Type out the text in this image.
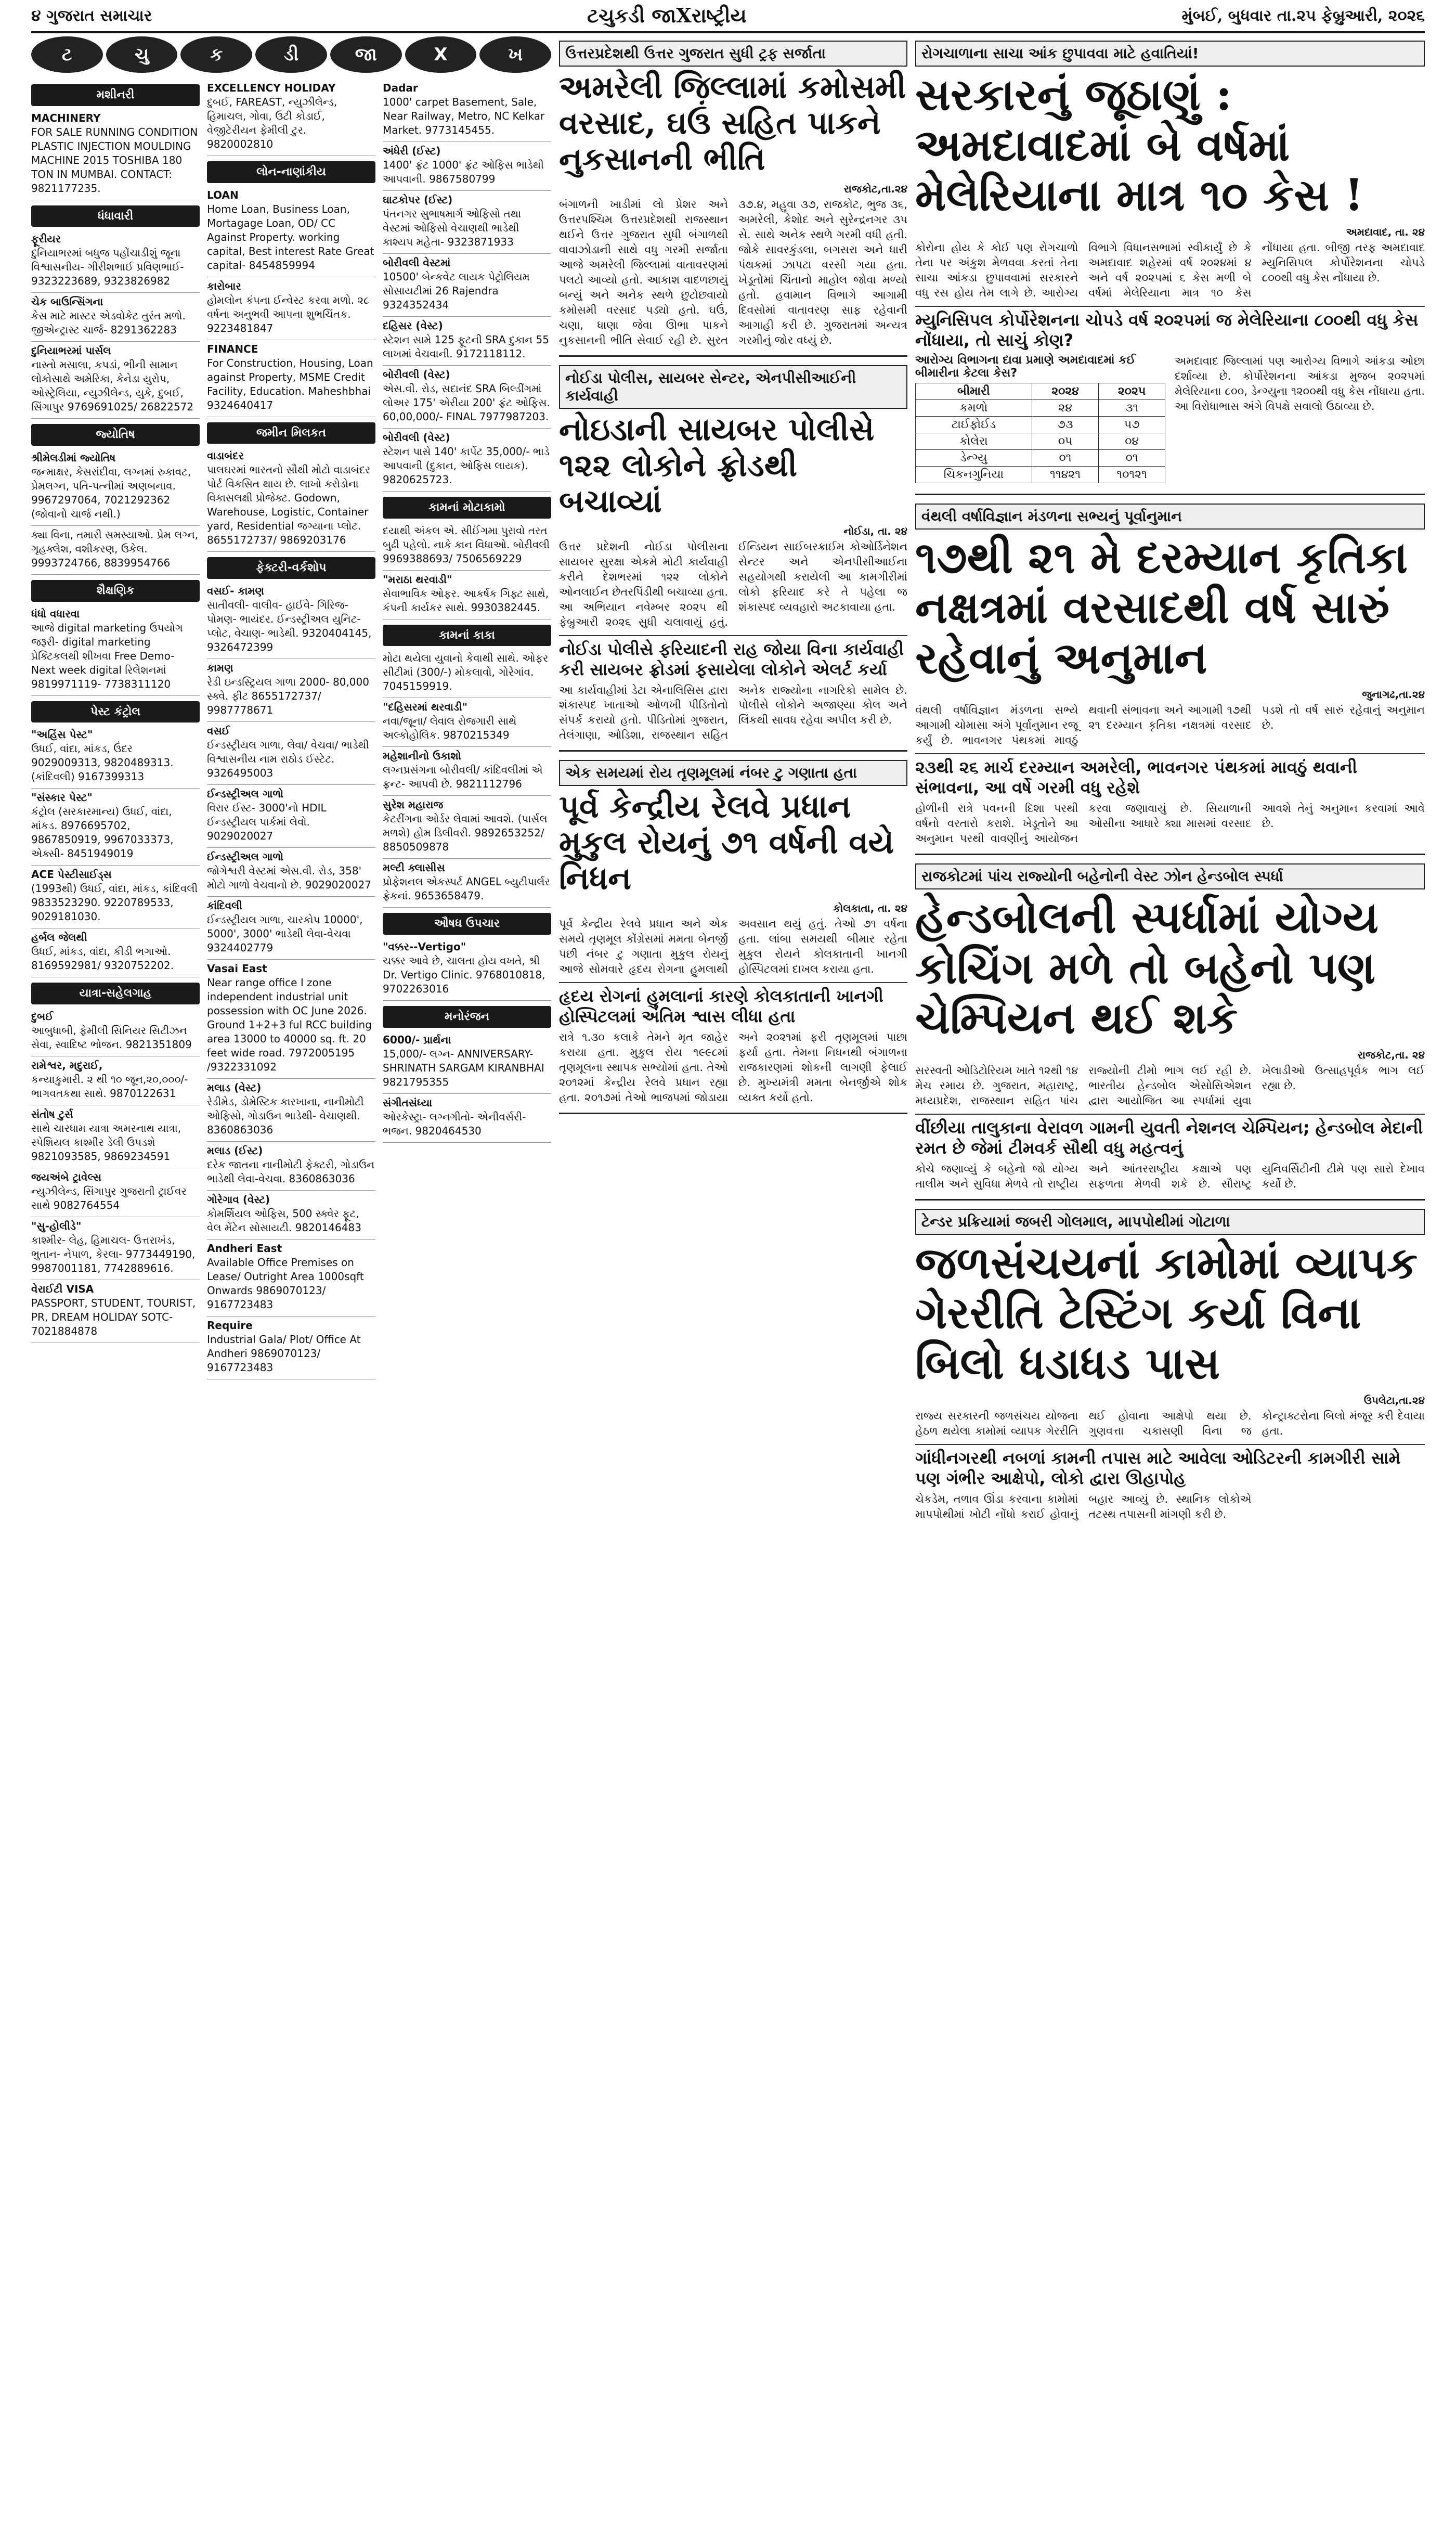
૪ ગુજરાત સમાચાર	ટચુકડી જાXરાષ્ટ્રીય	મુંબઈ, બુધવાર તા.૨૫ ફેબ્રુઆરી, ૨૦૨૬
ટ	ચુ	ક	ડી	જા	X	ખ
મશીનરી
MACHINERY
FOR SALE RUNNING CONDITION PLASTIC INJECTION MOULDING MACHINE 2015 TOSHIBA 180 TON IN MUMBAI. CONTACT: 9821177235.
ધંધાવારી
ફૂરીયર
દુનિયાભરમાં બધુજ પહોંચાડીશું જૂના વિશ્વાસનીય- ગીરીશભાઈ પ્રવિણભાઈ- 9323223689, 9323826982
ચેક બાઉન્સિંગના
કેસ માટે માસ્ટર એડવોકેટ તુરંત મળો. જીએન્ટ્રાસ્ટ ચાર્જ- 8291362283
દુનિયાભરમાં પાર્સલ
નાસ્તો મસાલા, કપડાં, ભીની સામાન લોકોસાથે અમેરિકા, કેનેડા યુરોપ, ઓસ્ટ્રેલિયા, ન્યુઝીલેન્ડ, યુકે, દુબઈ, સિંગાપુર 9769691025/ 26822572
જ્યોતિષ
શ્રીમેલડીમાં જ્યોતિષ
જન્માક્ષર, કેસરાંદીવા, લગ્નમાં રુકાવટ, પ્રેમલગ્ન, પતિ-પત્નીમાં અણબનાવ. 9967297064, 7021292362 (જોવાનો ચાર્જ નથી.)
ક્યા વિના, તમારી સમસ્યાઓ. પ્રેમ લગ્ન, ગૃહક્લેશ, વશીકરણ, ઉકેલ. 9993724766, 8839954766
શૈક્ષણિક
ધંધો વધારવા
આજે digital marketing ઉપયોગ જરૂરી- digital marketing પ્રેક્ટિકલથી શીખવા Free Demo- Next week digital રિલેશનમાં 9819971119- 7738311120
પેસ્ટ કંટ્રોલ
"અહિંસ પેસ્ટ"
ઉધઈ, વાંદા, માંકડ, ઉંદર 9029009313, 9820489313. (કાંદિવલી) 9167399313
"સંસ્કાર પેસ્ટ"
કંટ્રોલ (સરકારમાન્ય) ઉધઈ, વાંદા, માંકડ. 8976695702, 9867850919, 9967033373, એક્સી- 8451949019
ACE પેસ્ટીસાઈડ્સ
(1993થી) ઉધઈ, વાંદા, માંકડ, કાંદિવલી 9833523290. 9220789533, 9029181030.
હર્બલ જેલથી
ઉધઈ, માંકડ, વાંદા, કીડી ભગાઓ. 8169592981/ 9320752202.
યાત્રા-સહેલગાહ
દુબઈ
આબુધાબી, ફેમીલી સિનિયર સિટીઝન સેવા, સ્વાદિષ્ટ ભોજન. 9821351809
રામેશ્વર, મદુરાઈ,
કન્યાકુમારી. ૨ થી ૧૦ જૂન,૨૦,૦૦૦/- ભાગવતકથા સાથે. 9870122631
સંતોષ ટુર્સ
સાથે ચારધામ યાત્રા અમરનાથ યાત્રા, સ્પેશિયલ કાશ્મીર ડેલી ઉપડશે 9821093585, 9869234591
જયઅંબે ટ્રાવેલ્સ
ન્યુઝીલેન્ડ, સિંગાપુર ગુજરાતી ટ્રાઈવર સાથે 9082764554
"સુ-હોલીડે"
કાશ્મીર- લેહ, હિમાચલ- ઉત્તરાખંડ, ભુતાન- નેપાળ, કેરલા- 9773449190, 9987001181, 7742889616.
વેરાઈટી VISA
PASSPORT, STUDENT, TOURIST, PR, DREAM HOLIDAY SOTC- 7021884878
EXCELLENCY HOLIDAY
દુબઈ, FAREAST, ન્યુઝીલેન્ડ, હિમાચલ, ગોવા, ઉટી કોડાઈ, વેજીટેરીયન ફેમીલી ટુર. 9820002810
લોન-નાણાંકીય
LOAN
Home Loan, Business Loan, Mortagage Loan, OD/ CC Against Property. working capital, Best interest Rate Great capital- 8454859994
કારોબાર
હોમલોન કંપના ઈન્વેસ્ટ કરવા મળો. ૨૮ વર્ષના અનુભવી આપના શુભચિંતક. 9223481847
FINANCE
For Construction, Housing, Loan against Property, MSME Credit Facility, Education. Maheshbhai 9324640417
જમીન મિલકત
વાડાબંદર
પાલઘરમાં ભારતનો સૌથી મોટો વાડાબંદર પોર્ટ વિકસિત થાય છે. લાખો કરોડોના વિકાસલક્ષી પ્રોજેક્ટ. Godown, Warehouse, Logistic, Container yard, Residential જગ્યાના પ્લોટ. 8655172737/ 9869203176
ફેક્ટરી-વર્કશોપ
વસઈ- કામણ
સાતીવલી- વાલીવ- હાઈવે- ગિરિજ- પોમણ- ભાયંદર. ઈન્ડસ્ટ્રીઅલ યુનિટ- પ્લોટ, વેચાણ- ભાડેથી. 9320404145, 9326472399
કામણ
રેડી ઇન્ડસ્ટ્રિયલ ગાળા 2000- 80,000 સ્ક્વે. ફીટ 8655172737/ 9987778671
વસઈ
ઈન્ડસ્ટ્રીયલ ગાળા, લેવા/ વેચવા/ ભાડેથી વિશ્વાસનીય નામ રાઠોડ ઈસ્ટેટ. 9326495003
ઈન્ડસ્ટ્રીઅલ ગાળો
વિરાર ઈસ્ટ- 3000'નો HDIL ઈન્ડસ્ટ્રીયલ પાર્કમાં લેવો. 9029020027
ઈન્ડસ્ટ્રીઅલ ગાળો
જોગેશ્વરી વેસ્ટમાં એસ.વી. રોડ, 358' મોટો ગાળો વેચવાનો છે. 9029020027
કાંદિવલી
ઈન્ડસ્ટ્રીયલ ગાળા, ચારકોપ 10000', 5000', 3000' ભાડેથી લેવા-વેચવા 9324402779
Vasai East
Near range office I zone independent industrial unit possession with OC June 2026. Ground 1+2+3 ful RCC building area 13000 to 40000 sq. ft. 20 feet wide road. 7972005195 /9322331092
મલાડ (વેસ્ટ)
રેડીમેડ, ડોમેસ્ટિક કારખાના, નાનીમોટી ઓફિસો, ગોડાઉન ભાડેથી- વેચાણથી. 8360863036
મલાડ (ઈસ્ટ)
દરેક જાતના નાનીમોટી ફેક્ટરી, ગોડાઉન ભાડેથી લેવા-વેચવા. 8360863036
ગોરેગાવ (વેસ્ટ)
કોમર્શિયલ ઓફિસ, 500 સ્ક્વેર ફૂટ, વેલ મેંટેન સોસાયટી. 9820146483
Andheri East
Available Office Premises on Lease/ Outright Area 1000sqft Onwards 9869070123/ 9167723483
Require
Industrial Gala/ Plot/ Office At Andheri 9869070123/ 9167723483
Dadar
1000' carpet Basement, Sale, Near Railway, Metro, NC Kelkar Market. 9773145455.
અંધેરી (ઈસ્ટ)
1400' ફ્રંટ 1000' ફ્રંટ ઓફિસ ભાડેથી આપવાની. 9867580799
ઘાટકોપર (ઈસ્ટ)
પંતનગર સુભાષમાર્ગ ઓફિસો તથા વેસ્ટમાં ઓફિસો વેચાણથી ભાડેથી કાશ્યપ મહેતા- 9323871933
બોરીવલી વેસ્ટમાં
10500' બેન્કવેટ લાયક પેટ્રોલિયમ સોસાયટીમાં 26 Rajendra 9324352434
દહિસર (વેસ્ટ)
સ્ટેશન સામે 125 ફૂટની SRA દુકાન 55 લાખમાં વેચવાની. 9172118112.
બોરીવલી (વેસ્ટ)
એસ.વી. રોડ, સદાનંદ SRA બિલ્ડીંગમાં લોઅર 175' એરીયા 200' ફ્રંટ ઓફિસ. 60,00,000/- FINAL 7977987203.
બોરીવલી (વેસ્ટ)
સ્ટેશન પાસે 140' કાર્પેટ 35,000/- ભાડે આપવાની (દુકાન, ઓફિસ લાયક). 9820625723.
કામનાં મોટાકામો
દયાથી અંકલ એ. સીઈંગમા પુરાવો તરત બુઢી પહેલો. નાકે કાન વિધાઓ. બોરીવલી 9969388693/ 7506569229
"મરાઠા થરવાડી"
સેવાભાવિક ઓફર. આકર્ષક ગિફ્ટ સાથે, કંપની કાર્યકર સાથે. 9930382445.
કામનાં કાકા
મોટા થયેલા યુવાનો કેવાથી સાથે. ઓફર સીટીમાં (300/-) મોકલાવો, ગોરેગાંવ. 7045159919.
"દહિસરમાં થરવાડી"
નવા/જૂના/ લેવાલ રોજગારી સાથે અલ્કોહોલિક. 9870215349
મહેશાનીનો ઉકાશો
લગ્નપ્રસંગના બોરીવલી/ કાંદિવલીમાં એ ફ્રન્ટ- આપવી છે. 9821112796
સુરેશ મહારાજ
કેટરીંગના ઓર્ડર લેવામાં આવશે. (પાર્સલ મળશે) હોમ ડિલીવરી. 9892653252/ 8850509878
મલ્ટી ક્લાસીસ
પ્રોફેશનલ એકસ્પર્ટ ANGEL બ્યુટીપાર્લર ફ્રેકનાં. 9653658479.
ઔષધ ઉપચાર
"વક્કર--Vertigo"
ચક્કર આવે છે, ચાલતા હોય વખતે, શ્રી Dr. Vertigo Clinic. 9768010818, 9702263016
મનોરંજન
6000/- પ્રાર્થના
15,000/- લગ્ન- ANNIVERSARY- SHRINATH SARGAM KIRANBHAI 9821795355
સંગીતસંધ્યા
ઓરકેસ્ટ્રા- લગ્નગીતો- એનીવર્સરી- ભજન. 9820464530
ઉત્તરપ્રદેશથી ઉત્તર ગુજરાત સુધી ટ્રફ સર્જાતા
અમરેલી જિલ્લામાં કમોસમી વરસાદ, ઘઉં સહિત પાકને નુકસાનની ભીતિ
રાજકોટ,તા.૨૪
બંગાળની ખાડીમાં લો પ્રેશર અને ઉત્તરપશ્ચિમ ઉત્તરપ્રદેશથી રાજસ્થાન થઈને ઉત્તર ગુજરાત સુધી બંગાળથી વાવાઝોડાની સાથે વધુ ગરમી સર્જાતા આજે અમરેલી જિલ્લામાં વાતાવરણમાં પલટો આવ્યો હતો. આકાશ વાદળછાયું બન્યું અને અનેક સ્થળે છુટોછવાયો કમોસમી વરસાદ પડ્યો હતો. ઘઉં, ચણા, ધાણા જેવા ઊભા પાકને નુકસાનની ભીતિ સેવાઈ રહી છે. સુરત ૩૭.૪, મહુવા ૩૭, રાજકોટ, ભુજ ૩૬, અમરેલી, કેશોદ અને સુરેન્દ્રનગર ૩૫ સે. સાથે અનેક સ્થળે ગરમી વધી હતી. જોકે સાવરકુંડલા, બગસરા અને ધારી પંથકમાં ઝાપટા વરસી ગયા હતા. ખેડૂતોમાં ચિંતાનો માહોલ જોવા મળ્યો હતો. હવામાન વિભાગે આગામી દિવસોમાં વાતાવરણ સાફ રહેવાની આગાહી કરી છે. ગુજરાતમાં અન્યત્ર ગરમીનું જોર વધ્યું છે.
નોઈડા પોલીસ, સાયબર સેન્ટર, એનપીસીઆઈની કાર્યવાહી
નોઇડાની સાયબર પોલીસે ૧૨૨ લોકોને ફ્રોડથી બચાવ્યાં
નોઈડા, તા. ૨૪
ઉત્તર પ્રદેશની નોઈડા પોલીસના સાયબર સુરક્ષા એકમે મોટી કાર્યવાહી કરીને દેશભરમાં ૧૨૨ લોકોને ઓનલાઈન છેતરપિંડીથી બચાવ્યા હતા. આ અભિયાન નવેમ્બર ૨૦૨૫ થી ફેબ્રુઆરી ૨૦૨૬ સુધી ચલાવાયું હતું. ઈન્ડિયન સાઈબરક્રાઈમ કોઓર્ડિનેશન સેન્ટર અને એનપીસીઆઈના સહયોગથી કરાયેલી આ કામગીરીમાં લોકો ફરિયાદ કરે તે પહેલા જ શંકાસ્પદ વ્યવહારો અટકાવાયા હતા.
નોઈડા પોલીસે ફરિયાદની રાહ જોયા વિના કાર્યવાહી કરી સાયબર ફ્રોડમાં ફસાયેલા લોકોને એલર્ટ કર્યા
આ કાર્યવાહીમાં ડેટા એનાલિસિસ દ્વારા શંકાસ્પદ ખાતાઓ ઓળખી પીડિતોનો સંપર્ક કરાયો હતો. પીડિતોમાં ગુજરાત, તેલંગાણા, ઓડિશા, રાજસ્થાન સહિત અનેક રાજ્યોના નાગરિકો સામેલ છે. પોલીસે લોકોને અજાણ્યા કોલ અને લિંકથી સાવધ રહેવા અપીલ કરી છે.
એક સમયમાં રોય તૃણમૂલમાં નંબર ટુ ગણાતા હતા
પૂર્વ કેન્દ્રીય રેલવે પ્રધાન મુકુલ રોયનું ૭૧ વર્ષની વયે નિધન
કોલકાતા, તા. ૨૪
પૂર્વ કેન્દ્રીય રેલવે પ્રધાન અને એક સમયે તૃણમૂલ કોંગ્રેસમાં મમતા બેનર્જી પછી નંબર ટુ ગણાતા મુકુલ રોયનું આજે સોમવારે હૃદય રોગના હુમલાથી અવસાન થયું હતું. તેઓ ૭૧ વર્ષના હતા. લાંબા સમયથી બીમાર રહેતા મુકુલ રોયને કોલકાતાની ખાનગી હોસ્પિટલમાં દાખલ કરાયા હતા.
હૃદય રોગનાં હુમલાનાં કારણે કોલકાતાની ખાનગી હોસ્પિટલમાં અંતિમ શ્વાસ લીધા હતા
રાત્રે ૧.૩૦ કલાકે તેમને મૃત જાહેર કરાયા હતા. મુકુલ રોય ૧૯૯૮માં તૃણમૂલના સ્થાપક સભ્યોમાં હતા. તેઓ ૨૦૧૨માં કેન્દ્રીય રેલવે પ્રધાન રહ્યા હતા. ૨૦૧૭માં તેઓ ભાજપમાં જોડાયા અને ૨૦૨૧માં ફરી તૃણમૂલમાં પાછા ફર્યા હતા. તેમના નિધનથી બંગાળના રાજકારણમાં શોકની લાગણી ફેલાઈ છે. મુખ્યમંત્રી મમતા બેનર્જીએ શોક વ્યક્ત કર્યો હતો.
રોગચાળાના સાચા આંક છુપાવવા માટે હવાતિયાં!
સરકારનું જૂઠાણું : અમદાવાદમાં બે વર્ષમાં મેલેરિયાના માત્ર ૧૦ કેસ !
અમદાવાદ, તા. ૨૪
કોરોના હોય કે કોઈ પણ રોગચાળો તેના પર અંકુશ મેળવવા કરતાં તેના સાચા આંકડા છુપાવવામાં સરકારને વધુ રસ હોય તેમ લાગે છે. આરોગ્ય વિભાગે વિધાનસભામાં સ્વીકાર્યું છે કે અમદાવાદ શહેરમાં વર્ષ ૨૦૨૪માં ૪ અને વર્ષ ૨૦૨૫માં ૬ કેસ મળી બે વર્ષમાં મેલેરિયાના માત્ર ૧૦ કેસ નોંધાયા હતા. બીજી તરફ અમદાવાદ મ્યુનિસિપલ કોર્પોરેશનના ચોપડે ૮૦૦થી વધુ કેસ નોંધાયા છે.
મ્યુનિસિપલ કોર્પોરેશનના ચોપડે વર્ષ ૨૦૨૫માં જ મેલેરિયાના ૮૦૦થી વધુ કેસ નોંધાયા, તો સાચું કોણ?
આરોગ્ય વિભાગના દાવા પ્રમાણે અમદાવાદમાં કઈ બીમારીના કેટલા કેસ?
બીમારી	૨૦૨૪	૨૦૨૫
કમળો	૨૪	૩૧
ટાઈફોઈડ	૭૩	૫૭
કોલેરા	૦૫	૦૪
ડેન્ગ્યુ	૦૧	૦૧
ચિકનગુનિયા	૧૧૪૨૧	૧૦૧૨૧
અમદાવાદ જિલ્લામાં પણ આરોગ્ય વિભાગે આંકડા ઓછા દર્શાવ્યા છે. કોર્પોરેશનના આંકડા મુજબ ૨૦૨૫માં મેલેરિયાના ૮૦૦, ડેન્ગ્યુના ૧૨૦૦થી વધુ કેસ નોંધાયા હતા. આ વિરોધાભાસ અંગે વિપક્ષે સવાલો ઉઠાવ્યા છે.
વંથલી વર્ષાવિજ્ઞાન મંડળના સભ્યનું પૂર્વાનુમાન
૧૭થી ૨૧ મે દરમ્યાન કૃતિકા નક્ષત્રમાં વરસાદથી વર્ષ સારું રહેવાનું અનુમાન
જુનાગઢ,તા.૨૪
વંથલી વર્ષાવિજ્ઞાન મંડળના સભ્યે આગામી ચોમાસા અંગે પૂર્વાનુમાન રજૂ કર્યું છે. ભાવનગર પંથકમાં માવઠું થવાની સંભાવના અને આગામી ૧૭થી ૨૧ દરમ્યાન કૃતિકા નક્ષત્રમાં વરસાદ પડશે તો વર્ષ સારું રહેવાનું અનુમાન છે.
૨૩થી ૨૬ માર્ચ દરમ્યાન અમરેલી, ભાવનગર પંથકમાં માવઠું થવાની સંભાવના, આ વર્ષે ગરમી વધુ રહેશે
હોળીની રાત્રે પવનની દિશા પરથી વર્ષનો વરતારો કરાશે. ખેડૂતોને આ અનુમાન પરથી વાવણીનું આયોજન કરવા જણાવાયું છે. સિયાળાની ઓસીના આધારે ક્યા માસમાં વરસાદ આવશે તેનું અનુમાન કરવામાં આવે છે.
રાજકોટમાં પાંચ રાજ્યોની બહેનોની વેસ્ટ ઝોન હેન્ડબોલ સ્પર્ધા
હેન્ડબોલની સ્પર્ધામાં યોગ્ય કોચિંગ મળે તો બહેનો પણ ચેમ્પિયન થઈ શકે
રાજકોટ,તા. ૨૪
સરસ્વતી ઓડિટોરિયમ ખાતે ૧૨થી ૧૪ મેચ રમાય છે. ગુજરાત, મહારાષ્ટ્ર, મધ્યપ્રદેશ, રાજસ્થાન સહિત પાંચ રાજ્યોની ટીમો ભાગ લઈ રહી છે. ભારતીય હેન્ડબોલ એસોસિએશન દ્વારા આયોજિત આ સ્પર્ધામાં યુવા ખેલાડીઓ ઉત્સાહપૂર્વક ભાગ લઈ રહ્યા છે.
વીંછીયા તાલુકાના વેરાવળ ગામની યુવતી નેશનલ ચેમ્પિયન; હેન્ડબોલ મેદાની રમત છે જેમાં ટીમવર્ક સૌથી વધુ મહત્વનું
કોચે જણાવ્યું કે બહેનો જો યોગ્ય તાલીમ અને સુવિધા મેળવે તો રાષ્ટ્રીય અને આંતરરાષ્ટ્રીય કક્ષાએ પણ સફળતા મેળવી શકે છે. સૌરાષ્ટ્ર યુનિવર્સિટીની ટીમે પણ સારો દેખાવ કર્યો છે.
ટેન્ડર પ્રક્રિયામાં જબરી ગોલમાલ, માપપોથીમાં ગોટાળા
જળસંચયનાં કામોમાં વ્યાપક ગેરરીતિ ટેસ્ટિંગ કર્યા વિના બિલો ધડાધડ પાસ
ઉપલેટા,તા.૨૪
રાજ્ય સરકારની જળસંચય યોજના હેઠળ થયેલા કામોમાં વ્યાપક ગેરરીતિ થઈ હોવાના આક્ષેપો થયા છે. ગુણવત્તા ચકાસણી વિના જ કોન્ટ્રાક્ટરોના બિલો મંજૂર કરી દેવાયા હતા.
ગાંધીનગરથી નબળાં કામની તપાસ માટે આવેલા ઓડિટરની કામગીરી સામે પણ ગંભીર આક્ષેપો, લોકો દ્વારા ઊહાપોહ
ચેકડેમ, તળાવ ઊંડા કરવાના કામોમાં માપપોથીમાં ખોટી નોંધો કરાઈ હોવાનું બહાર આવ્યું છે. સ્થાનિક લોકોએ તટસ્થ તપાસની માંગણી કરી છે.
